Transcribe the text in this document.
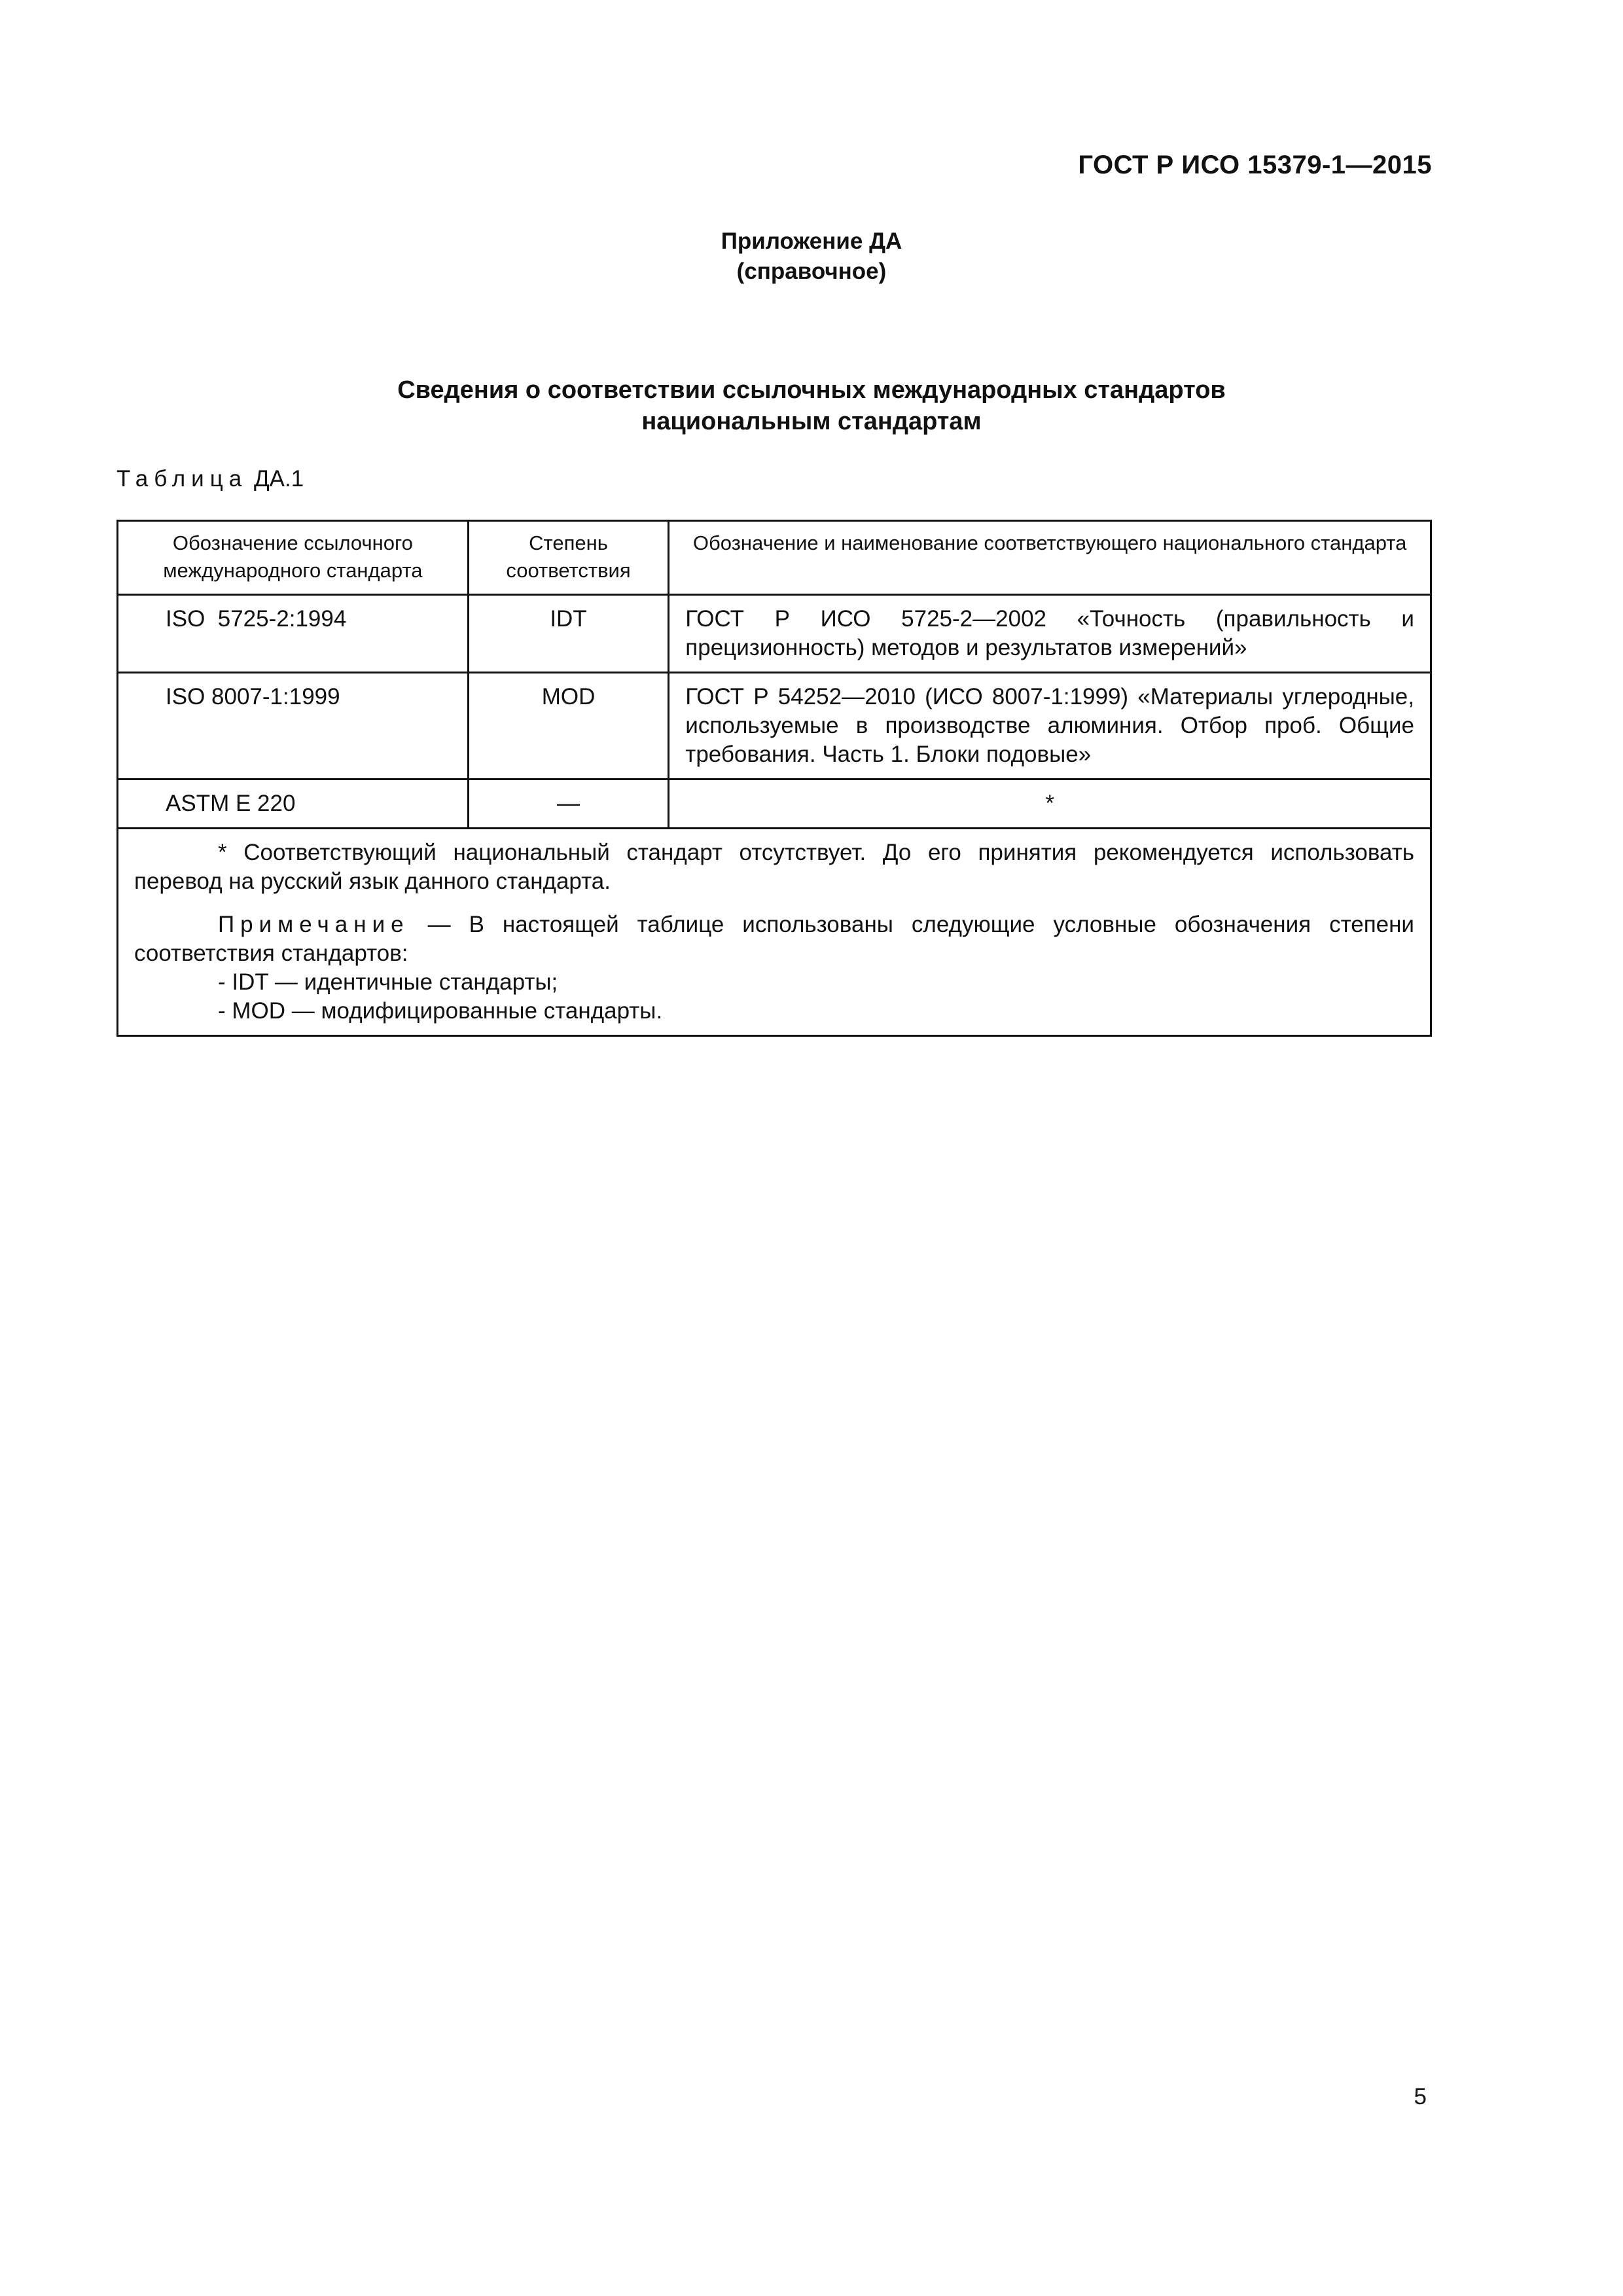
ГОСТ Р ИСО 15379-1—2015
Приложение ДА
(справочное)
Сведения о соответствии ссылочных международных стандартов
национальным стандартам
Таблица ДА.1
Обозначение ссылочного международного стандарта	Степень соответствия	Обозначение и наименование соответствующего национального стандарта
ISO  5725-2:1994	IDT	ГОСТ Р ИСО 5725-2—2002 «Точность (правильность и прецизионность) методов и результатов измерений»
ISO 8007-1:1999	MOD	ГОСТ Р 54252—2010 (ИСО 8007-1:1999) «Материалы углеродные, используемые в производстве алюминия. Отбор проб. Общие требования. Часть 1. Блоки подовые»
ASTM E 220	—	*

* Соответствующий национальный стандарт отсутствует. До его принятия рекомендуется использовать перевод на русский язык данного стандарта.

Примечание — В настоящей таблице использованы следующие условные обозначения степени соответствия стандартов:

- IDT — идентичные стандарты;

- MOD — модифицированные стандарты.		

5
